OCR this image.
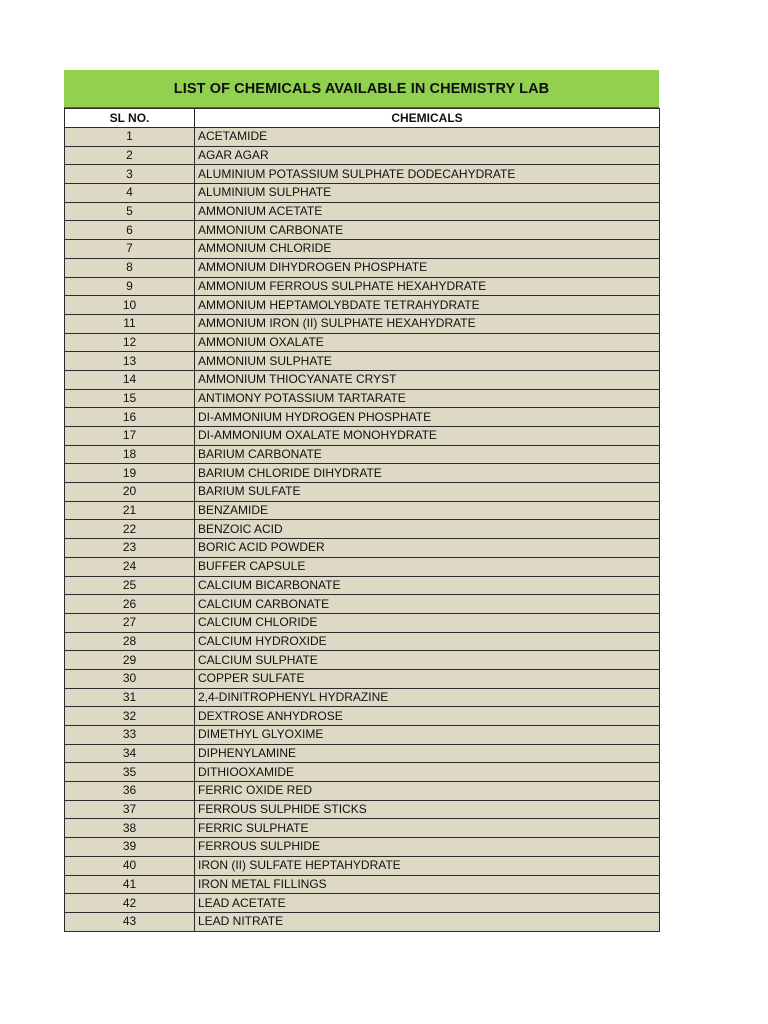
LIST OF CHEMICALS AVAILABLE IN CHEMISTRY LAB
SL NO.	CHEMICALS
1	ACETAMIDE
2	AGAR AGAR
3	ALUMINIUM POTASSIUM SULPHATE DODECAHYDRATE
4	ALUMINIUM SULPHATE
5	AMMONIUM ACETATE
6	AMMONIUM CARBONATE
7	AMMONIUM CHLORIDE
8	AMMONIUM DIHYDROGEN PHOSPHATE
9	AMMONIUM FERROUS SULPHATE HEXAHYDRATE
10	AMMONIUM HEPTAMOLYBDATE TETRAHYDRATE
11	AMMONIUM IRON (II) SULPHATE HEXAHYDRATE
12	AMMONIUM OXALATE
13	AMMONIUM SULPHATE
14	AMMONIUM THIOCYANATE CRYST
15	ANTIMONY POTASSIUM TARTARATE
16	DI-AMMONIUM HYDROGEN PHOSPHATE
17	DI-AMMONIUM OXALATE MONOHYDRATE
18	BARIUM CARBONATE
19	BARIUM CHLORIDE DIHYDRATE
20	BARIUM SULFATE
21	BENZAMIDE
22	BENZOIC ACID
23	BORIC ACID POWDER
24	BUFFER CAPSULE
25	CALCIUM BICARBONATE
26	CALCIUM CARBONATE
27	CALCIUM CHLORIDE
28	CALCIUM HYDROXIDE
29	CALCIUM SULPHATE
30	COPPER SULFATE
31	2,4-DINITROPHENYL HYDRAZINE
32	DEXTROSE ANHYDROSE
33	DIMETHYL GLYOXIME
34	DIPHENYLAMINE
35	DITHIOOXAMIDE
36	FERRIC OXIDE RED
37	FERROUS SULPHIDE STICKS
38	FERRIC SULPHATE
39	FERROUS SULPHIDE
40	IRON (II) SULFATE HEPTAHYDRATE
41	IRON METAL FILLINGS
42	LEAD ACETATE
43	LEAD NITRATE
